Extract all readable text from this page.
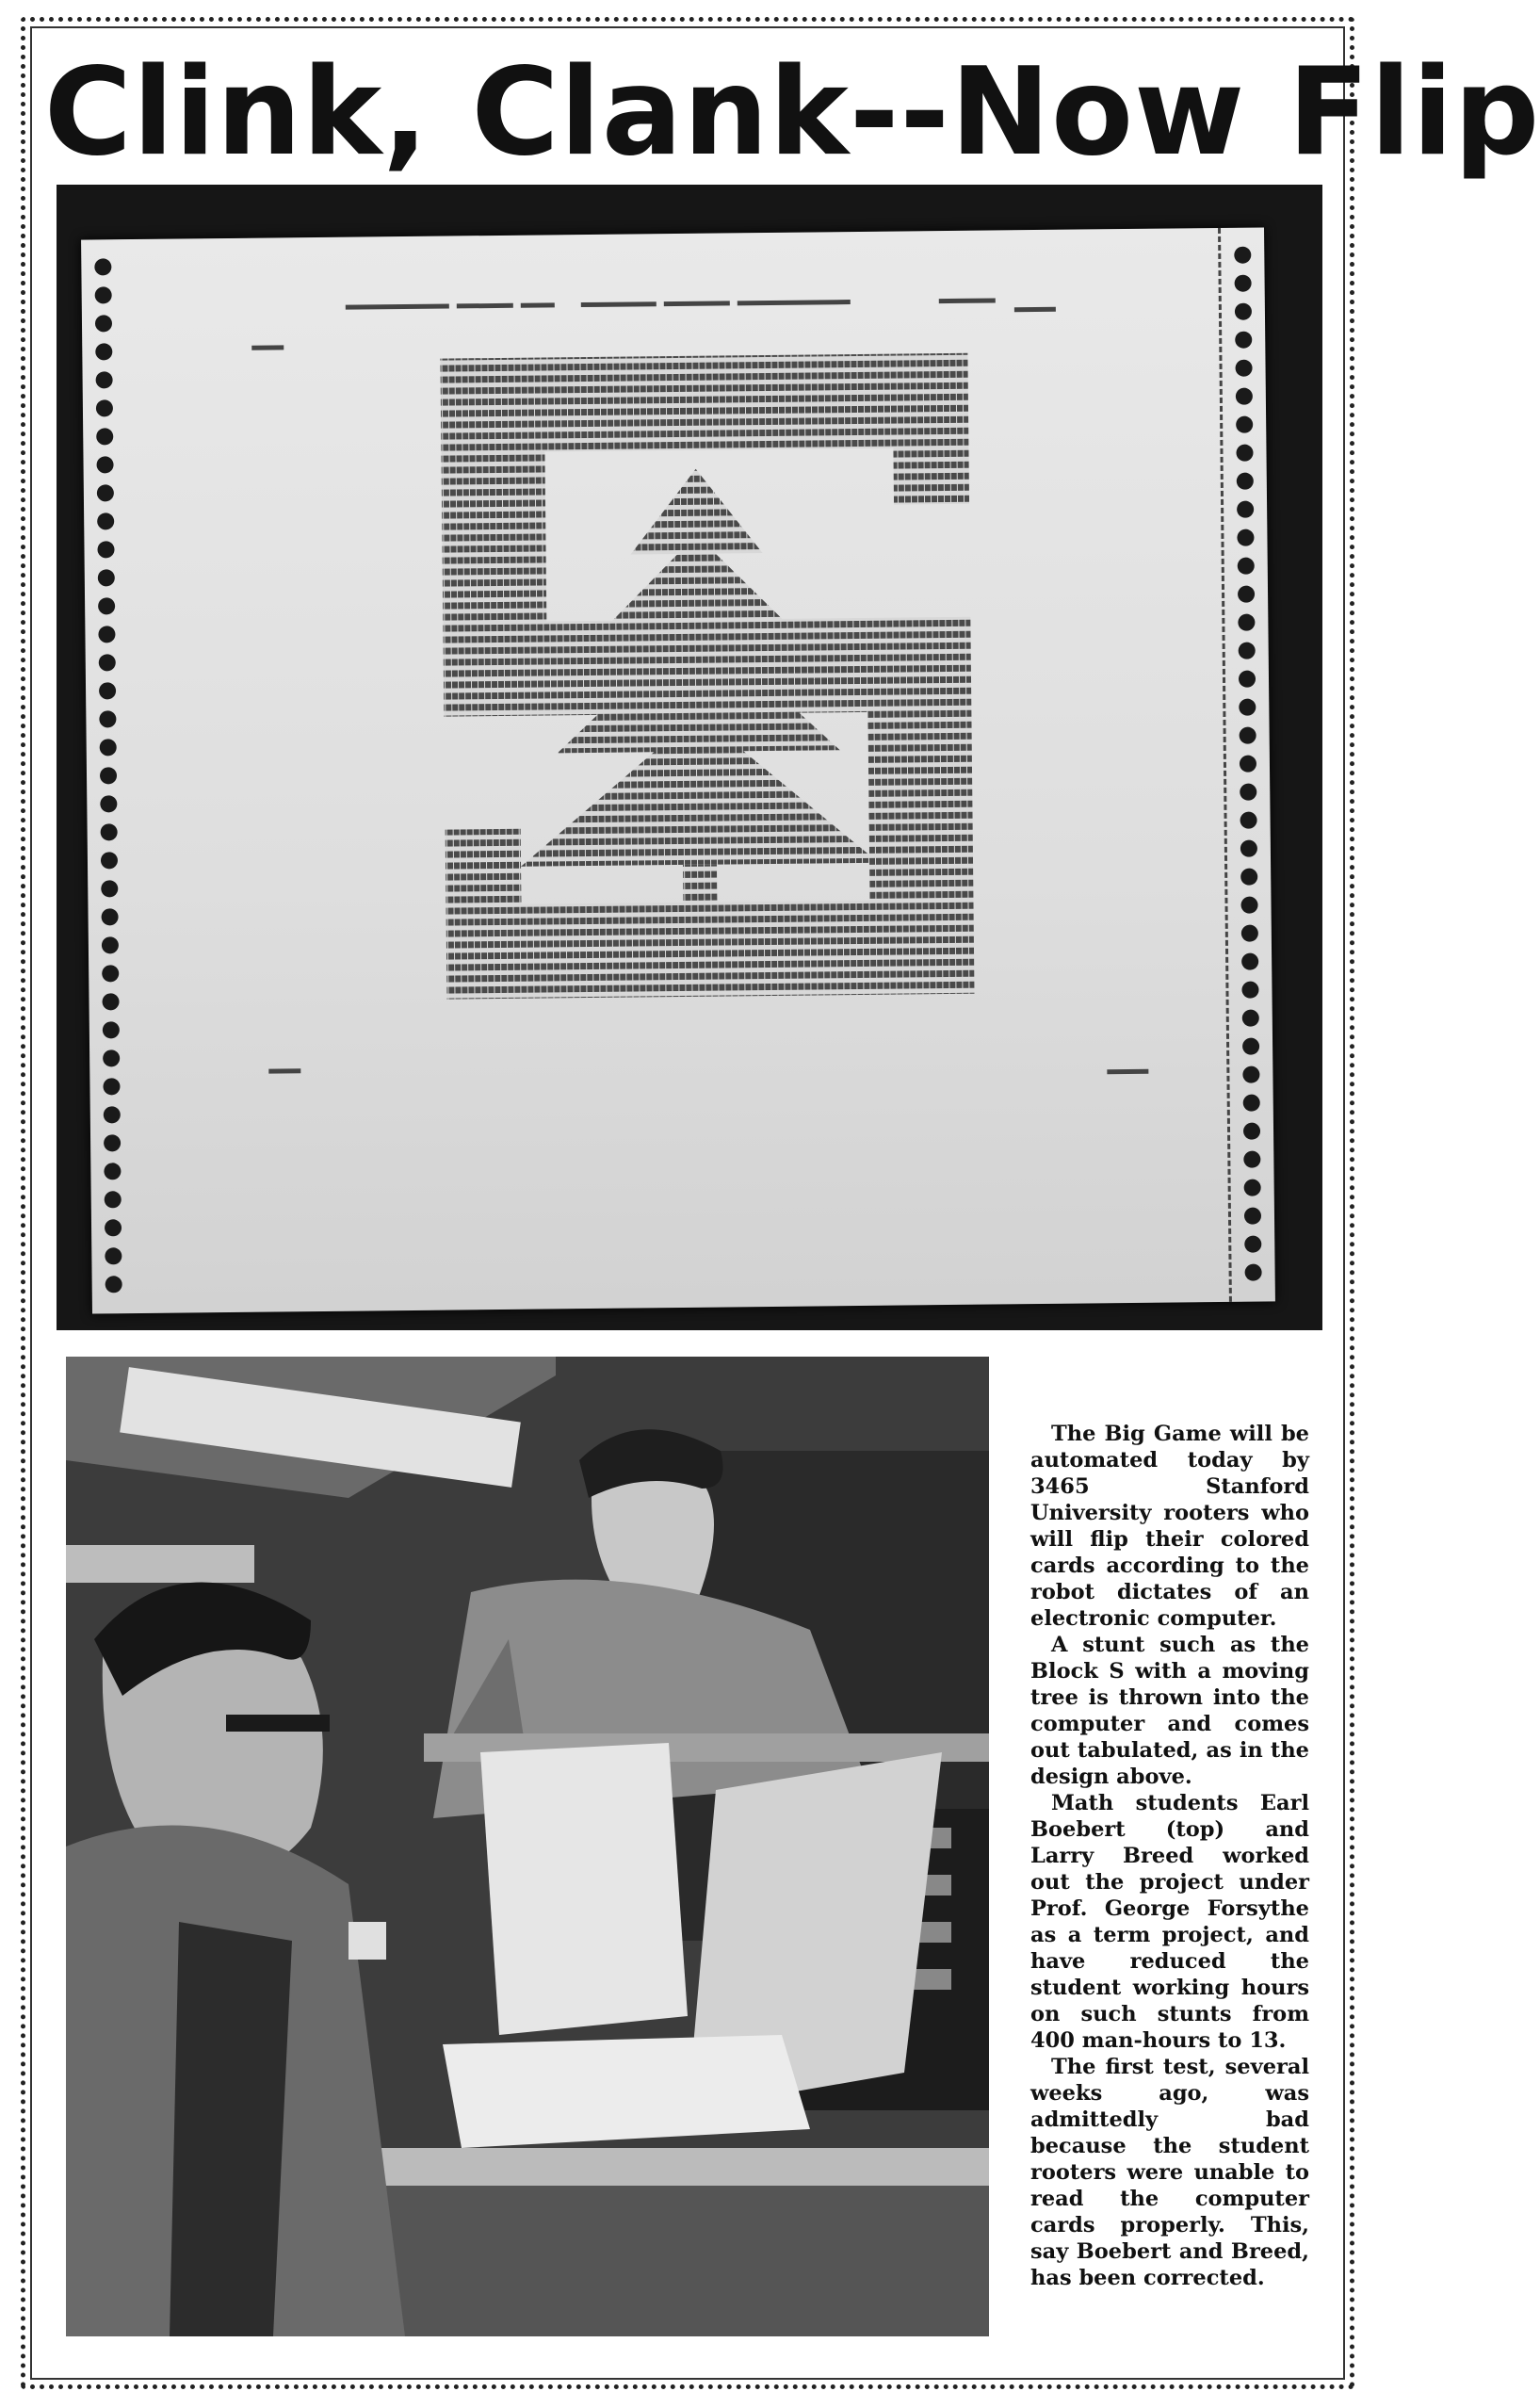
Clink, Clank--Now Flip

The Big Game will be automated today by 3465 Stanford University rooters who will flip their colored cards according to the robot dictates of an electronic computer.

A stunt such as the Block S with a moving tree is thrown into the computer and comes out tabulated, as in the design above.

Math students Earl Boebert (top) and Larry Breed worked out the project under Prof. George Forsythe as a term project, and have reduced the student working hours on such stunts from 400 man-hours to 13.

The first test, several weeks ago, was admittedly bad because the student rooters were unable to read the computer cards properly. This, say Boebert and Breed, has been corrected.
